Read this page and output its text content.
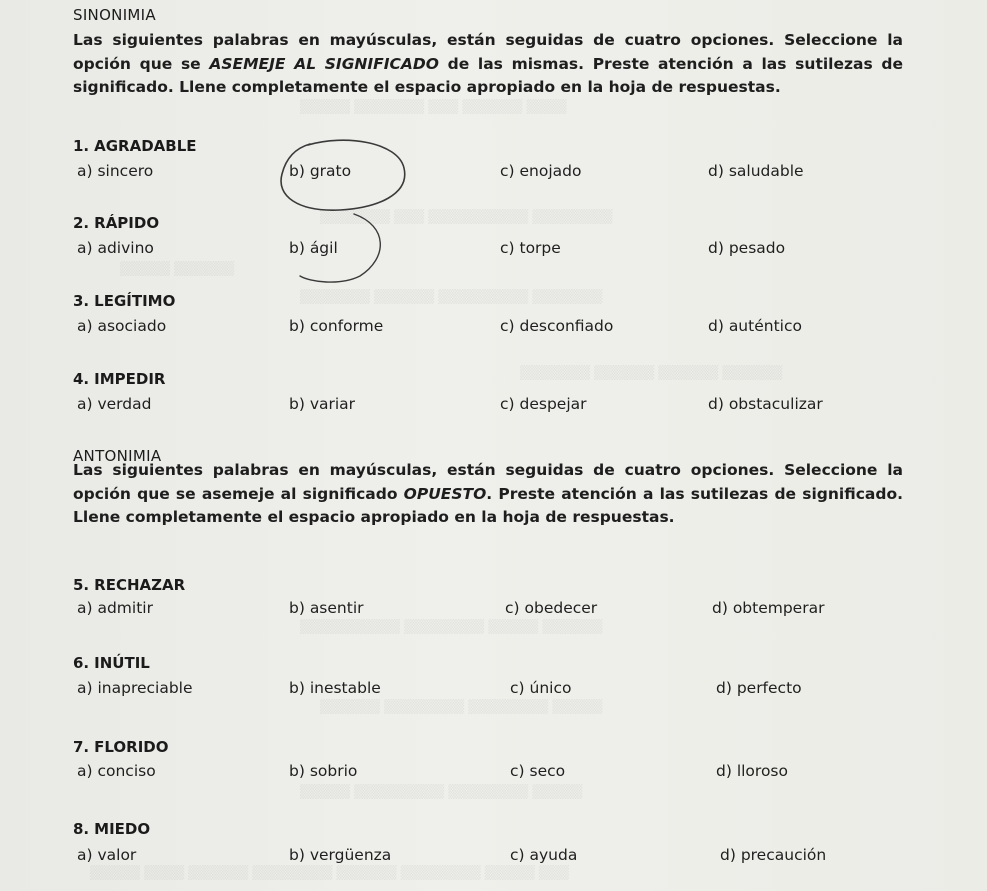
▒▒▒▒ ▒▒▒▒▒▒ ▒▒▒ ▒▒▒▒▒▒▒ ▒▒▒▒▒
▒▒▒▒▒▒ ▒▒▒▒▒
▒▒▒▒▒▒▒▒ ▒▒▒▒▒▒▒▒▒▒ ▒▒▒ ▒▒▒▒▒▒▒
▒▒▒▒▒▒▒ ▒▒▒▒▒▒▒▒▒ ▒▒▒▒▒▒ ▒▒▒▒▒▒▒
▒▒▒▒▒▒ ▒▒▒▒▒▒ ▒▒▒▒▒▒ ▒▒▒▒▒▒▒
▒▒▒▒▒▒ ▒▒▒▒▒ ▒▒▒▒▒▒▒▒ ▒▒▒▒▒▒▒▒▒▒
▒▒▒▒▒ ▒▒▒▒▒▒▒▒ ▒▒▒▒▒▒▒▒ ▒▒▒▒▒▒
▒▒▒▒▒ ▒▒▒▒▒▒▒▒ ▒▒▒▒▒▒▒▒▒ ▒▒▒▒▒
▒▒▒ ▒▒▒▒▒ ▒▒▒▒▒▒▒▒ ▒▒▒▒▒▒ ▒▒▒▒▒▒▒▒ ▒▒▒▒▒▒ ▒▒▒▒ ▒▒▒▒▒
SINONIMIA
Las siguientes palabras en mayúsculas, están seguidas de cuatro opciones. Seleccione la opción que se ASEMEJE AL SIGNIFICADO de las mismas. Preste atención a las sutilezas de significado. Llene completamente el espacio apropiado en la hoja de respuestas.
1. AGRADABLE
a) sincero	b) grato	c) enojado	d) saludable
2. RÁPIDO
a) adivino	b) ágil	c) torpe	d) pesado
3. LEGÍTIMO
a) asociado	b) conforme	c) desconfiado	d) auténtico
4. IMPEDIR
a) verdad	b) variar	c) despejar	d) obstaculizar
ANTONIMIA
Las siguientes palabras en mayúsculas, están seguidas de cuatro opciones. Seleccione la opción que se asemeje al significado OPUESTO. Preste atención a las sutilezas de significado. Llene completamente el espacio apropiado en la hoja de respuestas.
5. RECHAZAR
a) admitir	b) asentir	c) obedecer	d) obtemperar
6. INÚTIL
a) inapreciable	b) inestable	c) único	d) perfecto
7. FLORIDO
a) conciso	b) sobrio	c) seco	d) lloroso
8. MIEDO
a) valor	b) vergüenza	c) ayuda	d) precaución
